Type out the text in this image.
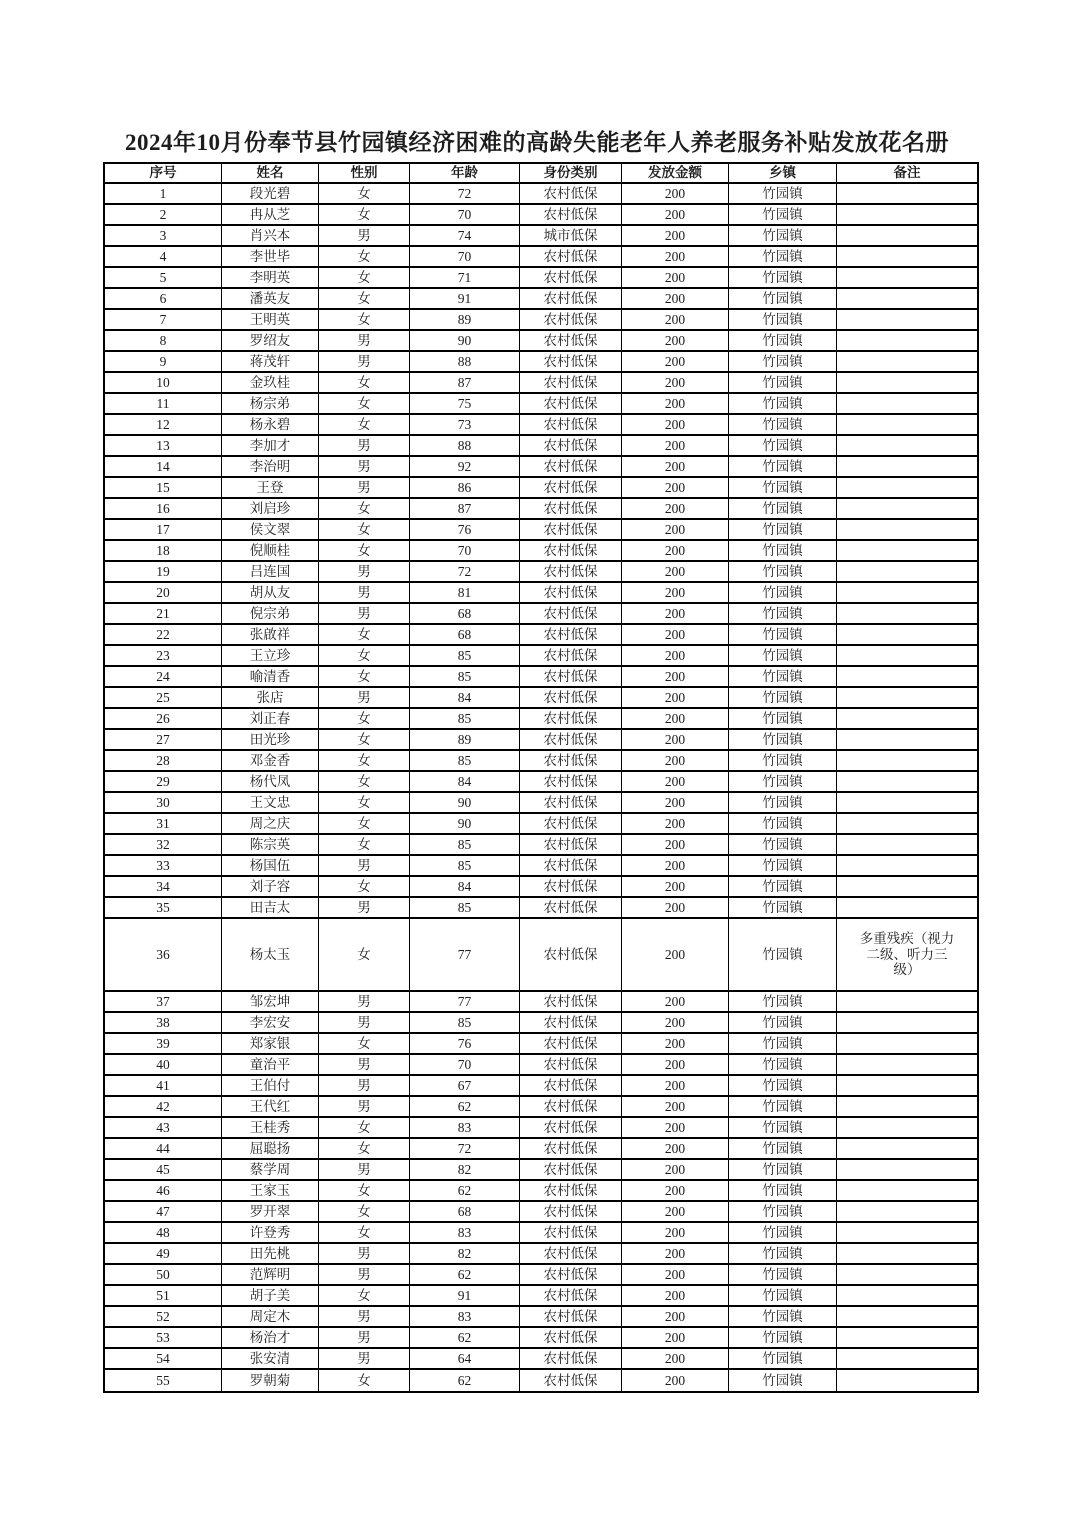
2024年10月份奉节县竹园镇经济困难的高龄失能老年人养老服务补贴发放花名册
序号	姓名	性别	年龄	身份类别	发放金额	乡镇	备注
1	段光碧	女	72	农村低保	200	竹园镇	
2	冉从芝	女	70	农村低保	200	竹园镇	
3	肖兴本	男	74	城市低保	200	竹园镇	
4	李世毕	女	70	农村低保	200	竹园镇	
5	李明英	女	71	农村低保	200	竹园镇	
6	潘英友	女	91	农村低保	200	竹园镇	
7	王明英	女	89	农村低保	200	竹园镇	
8	罗绍友	男	90	农村低保	200	竹园镇	
9	蒋茂轩	男	88	农村低保	200	竹园镇	
10	金玖桂	女	87	农村低保	200	竹园镇	
11	杨宗弟	女	75	农村低保	200	竹园镇	
12	杨永碧	女	73	农村低保	200	竹园镇	
13	李加才	男	88	农村低保	200	竹园镇	
14	李治明	男	92	农村低保	200	竹园镇	
15	王登	男	86	农村低保	200	竹园镇	
16	刘启珍	女	87	农村低保	200	竹园镇	
17	侯文翠	女	76	农村低保	200	竹园镇	
18	倪顺桂	女	70	农村低保	200	竹园镇	
19	吕连国	男	72	农村低保	200	竹园镇	
20	胡从友	男	81	农村低保	200	竹园镇	
21	倪宗弟	男	68	农村低保	200	竹园镇	
22	张啟祥	女	68	农村低保	200	竹园镇	
23	王立珍	女	85	农村低保	200	竹园镇	
24	喻清香	女	85	农村低保	200	竹园镇	
25	张店	男	84	农村低保	200	竹园镇	
26	刘正春	女	85	农村低保	200	竹园镇	
27	田光珍	女	89	农村低保	200	竹园镇	
28	邓金香	女	85	农村低保	200	竹园镇	
29	杨代凤	女	84	农村低保	200	竹园镇	
30	王文忠	女	90	农村低保	200	竹园镇	
31	周之庆	女	90	农村低保	200	竹园镇	
32	陈宗英	女	85	农村低保	200	竹园镇	
33	杨国伍	男	85	农村低保	200	竹园镇	
34	刘子容	女	84	农村低保	200	竹园镇	
35	田吉太	男	85	农村低保	200	竹园镇	
36	杨太玉	女	77	农村低保	200	竹园镇	多重残疾（视力二级、听力三级）
37	邹宏坤	男	77	农村低保	200	竹园镇	
38	李宏安	男	85	农村低保	200	竹园镇	
39	郑家银	女	76	农村低保	200	竹园镇	
40	童治平	男	70	农村低保	200	竹园镇	
41	王伯付	男	67	农村低保	200	竹园镇	
42	王代红	男	62	农村低保	200	竹园镇	
43	王桂秀	女	83	农村低保	200	竹园镇	
44	屈聪扬	女	72	农村低保	200	竹园镇	
45	蔡学周	男	82	农村低保	200	竹园镇	
46	王家玉	女	62	农村低保	200	竹园镇	
47	罗开翠	女	68	农村低保	200	竹园镇	
48	许登秀	女	83	农村低保	200	竹园镇	
49	田先桃	男	82	农村低保	200	竹园镇	
50	范辉明	男	62	农村低保	200	竹园镇	
51	胡子美	女	91	农村低保	200	竹园镇	
52	周定木	男	83	农村低保	200	竹园镇	
53	杨治才	男	62	农村低保	200	竹园镇	
54	张安清	男	64	农村低保	200	竹园镇	
55	罗朝菊	女	62	农村低保	200	竹园镇	
